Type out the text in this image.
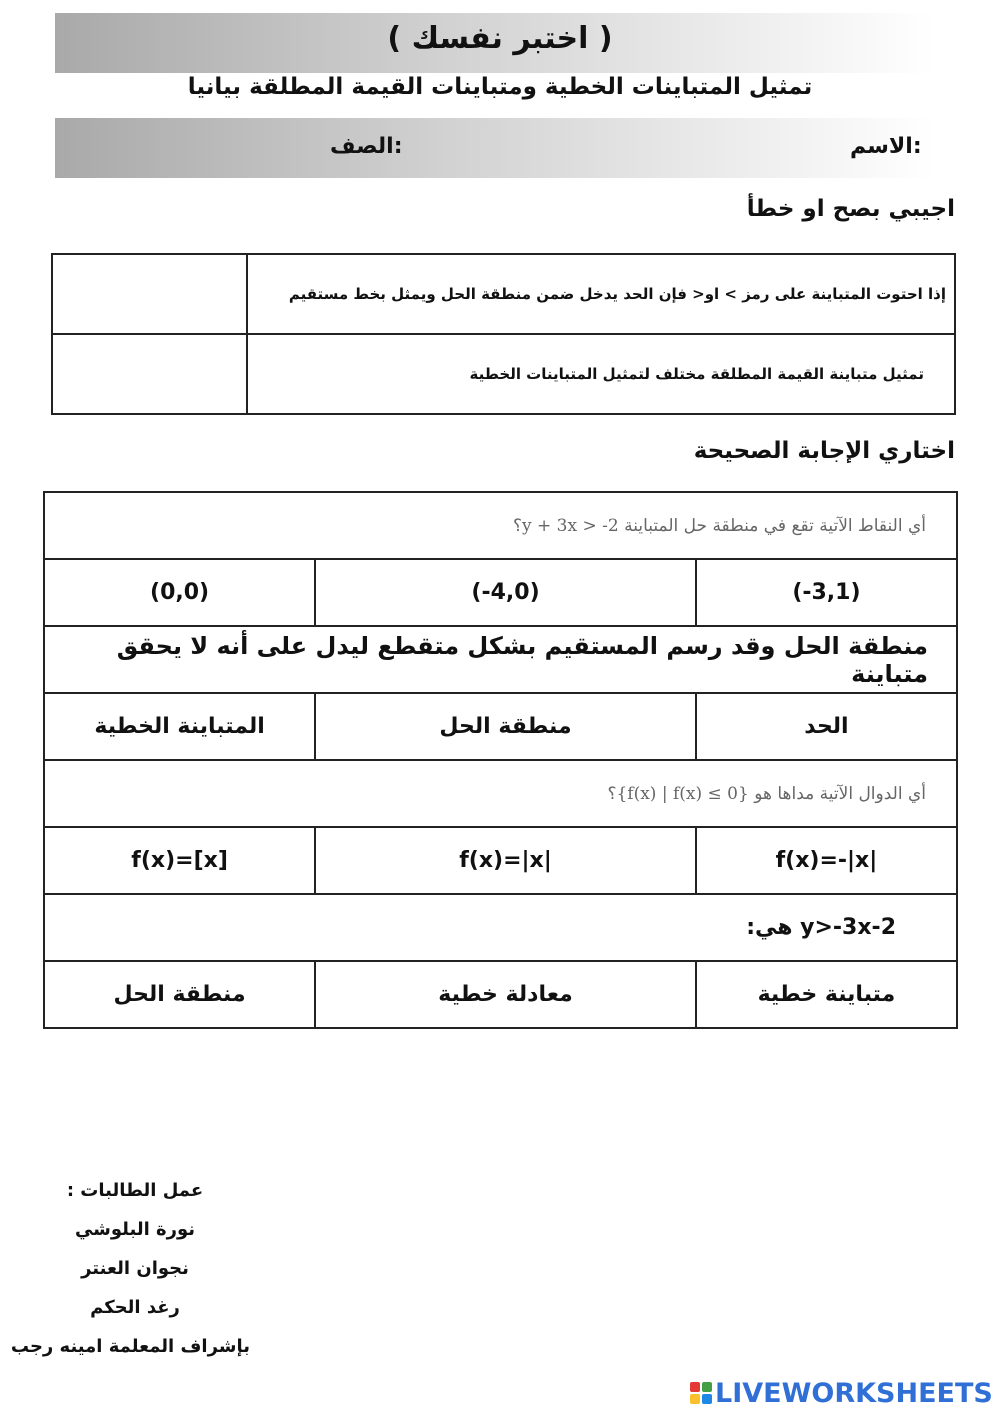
( اختبر نفسك )
تمثيل المتباينات الخطية ومتباينات القيمة المطلقة بيانيا
الاسم:
الصف:
اجيبي بصح او خطأ
إذا احتوت المتباينة على رمز > او< فإن الحد يدخل ضمن منطقة الحل ويمثل بخط مستقيم	
تمثيل متباينة القيمة المطلقة مختلف لتمثيل المتباينات الخطية	
اختاري الإجابة الصحيحة
أي النقاط الآتية تقع في منطقة حل المتباينة 2- < y + 3x؟		
(-3,1)	(-4,0)	(0,0)
منطقة الحل وقد رسم المستقيم بشكل متقطع ليدل على أنه لا يحقق متباينة		
الحد	منطقة الحل	المتباينة الخطية
أي الدوال الآتية مداها هو {f(x) | f(x) ≤ 0}؟		
f(x)=-|x|	f(x)=|x|	f(x)=[x]
y>-3x-2 هي:		
متباينة خطية	معادلة خطية	منطقة الحل
عمل الطالبات :
نورة البلوشي
نجوان العنتر
رغد الحكم
بإشراف المعلمة امينه رجب
LIVEWORKSHEETS
